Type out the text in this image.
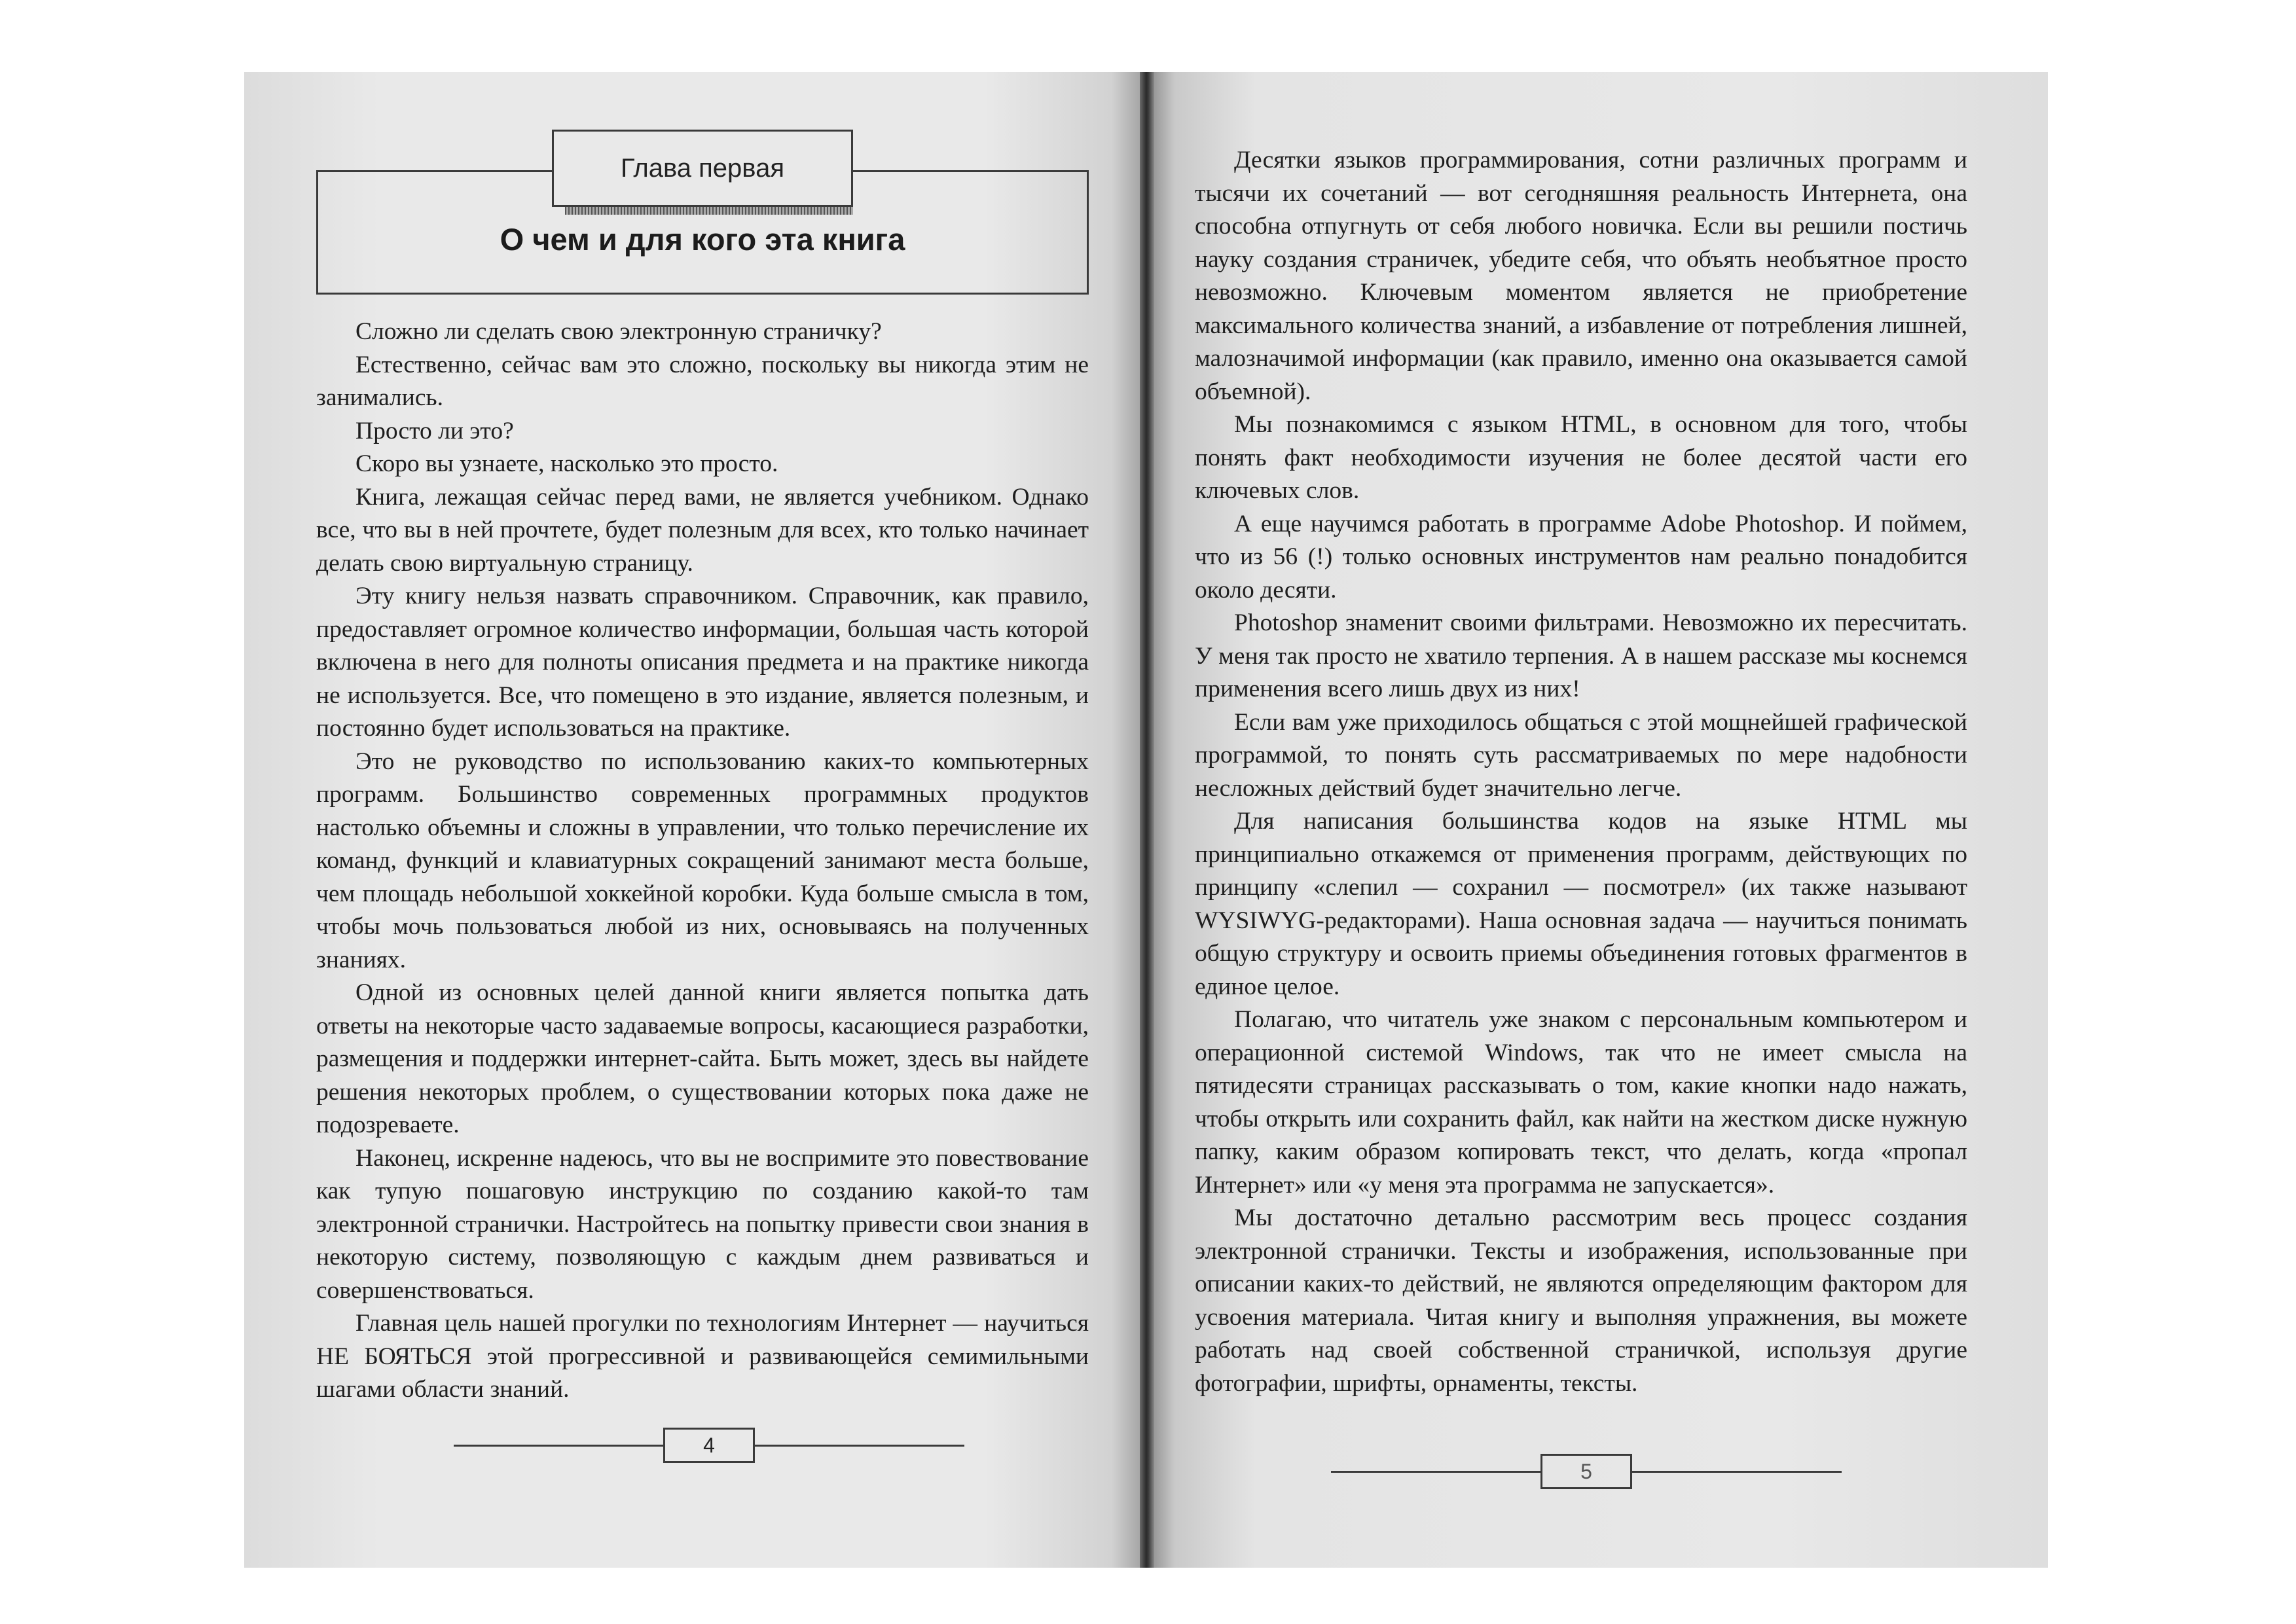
Глава первая
О чем и для кого эта книга

Сложно ли сделать свою электронную страничку?

Естественно, сейчас вам это сложно, поскольку вы никогда этим не занимались.

Просто ли это?

Скоро вы узнаете, насколько это просто.

Книга, лежащая сейчас перед вами, не является учебником. Однако все, что вы в ней прочтете, будет полезным для всех, кто только начинает делать свою виртуальную страницу.

Эту книгу нельзя назвать справочником. Справочник, как правило, предоставляет огромное количество информации, большая часть которой включена в него для полноты описания предмета и на практике никогда не используется. Все, что помещено в это издание, является полезным, и постоянно будет использоваться на практике.

Это не руководство по использованию каких-то компьютерных программ. Большинство современных программных продуктов настолько объемны и сложны в управлении, что только перечисление их команд, функций и клавиатурных сокращений занимают места больше, чем площадь небольшой хоккейной коробки. Куда больше смысла в том, чтобы мочь пользоваться любой из них, основываясь на полученных знаниях.

Одной из основных целей данной книги является попытка дать ответы на некоторые часто задаваемые вопросы, касающиеся разработки, размещения и поддержки интернет-сайта. Быть может, здесь вы найдете решения некоторых проблем, о существовании которых пока даже не подозреваете.

Наконец, искренне надеюсь, что вы не воспримите это повествование как тупую пошаговую инструкцию по созданию какой-то там электронной странички. Настройтесь на попытку привести свои знания в некоторую систему, позволяющую с каждым днем развиваться и совершенствоваться.

Главная цель нашей прогулки по технологиям Интернет — научиться НЕ БОЯТЬСЯ этой прогрессивной и развивающейся семимильными шагами области знаний.

4

Десятки языков программирования, сотни различных программ и тысячи их сочетаний — вот сегодняшняя реальность Интернета, она способна отпугнуть от себя любого новичка. Если вы решили постичь науку создания страничек, убедите себя, что объять необъятное просто невозможно. Ключевым моментом является не приобретение максимального количества знаний, а избавление от потребления лишней, малозначимой информации (как правило, именно она оказывается самой объемной).

Мы познакомимся с языком HTML, в основном для того, чтобы понять факт необходимости изучения не более десятой части его ключевых слов.

А еще научимся работать в программе Adobe Photoshop. И поймем, что из 56 (!) только основных инструментов нам реально понадобится около десяти.

Photoshop знаменит своими фильтрами. Невозможно их пересчитать. У меня так просто не хватило терпения. А в нашем рассказе мы коснемся применения всего лишь двух из них!

Если вам уже приходилось общаться с этой мощнейшей графической программой, то понять суть рассматриваемых по мере надобности несложных действий будет значительно легче.

Для написания большинства кодов на языке HTML мы принципиально откажемся от применения программ, действующих по принципу «слепил — сохранил — посмотрел» (их также называют WYSIWYG-редакторами). Наша основная задача — научиться понимать общую структуру и освоить приемы объединения готовых фрагментов в единое целое.

Полагаю, что читатель уже знаком с персональным компьютером и операционной системой Windows, так что не имеет смысла на пятидесяти страницах рассказывать о том, какие кнопки надо нажать, чтобы открыть или сохранить файл, как найти на жестком диске нужную папку, каким образом копировать текст, что делать, когда «пропал Интернет» или «у меня эта программа не запускается».

Мы достаточно детально рассмотрим весь процесс создания электронной странички. Тексты и изображения, использованные при описании каких-то действий, не являются определяющим фактором для усвоения материала. Читая книгу и выполняя упражнения, вы можете работать над своей собственной страничкой, используя другие фотографии, шрифты, орнаменты, тексты.

5
